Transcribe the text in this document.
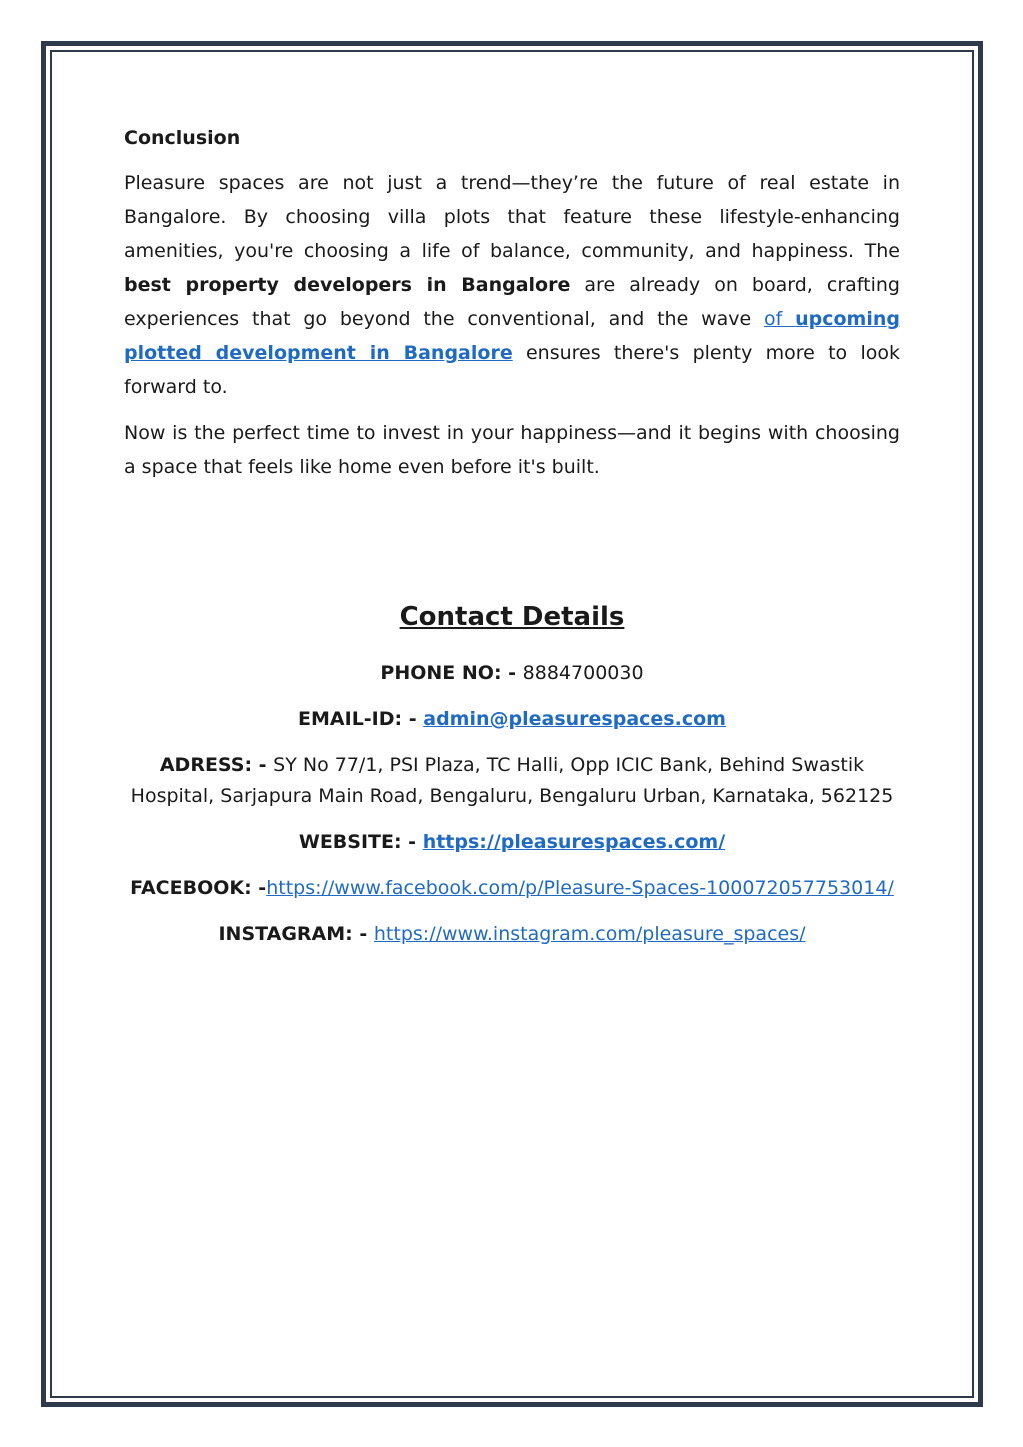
Conclusion

Pleasure spaces are not just a trend—they’re the future of real estate in Bangalore. By choosing villa plots that feature these lifestyle-enhancing amenities, you're choosing a life of balance, community, and happiness. The best property developers in Bangalore are already on board, crafting experiences that go beyond the conventional, and the wave of upcoming plotted development in Bangalore ensures there's plenty more to look forward to.

Now is the perfect time to invest in your happiness—and it begins with choosing a space that feels like home even before it's built.

Contact Details
PHONE NO: - 8884700030
EMAIL-ID: - admin@pleasurespaces.com
ADRESS: - SY No 77/1, PSI Plaza, TC Halli, Opp ICIC Bank, Behind Swastik Hospital, Sarjapura Main Road, Bengaluru, Bengaluru Urban, Karnataka, 562125
WEBSITE: - https://pleasurespaces.com/
FACEBOOK: -https://www.facebook.com/p/Pleasure-Spaces-100072057753014/
INSTAGRAM: - https://www.instagram.com/pleasure_spaces/
